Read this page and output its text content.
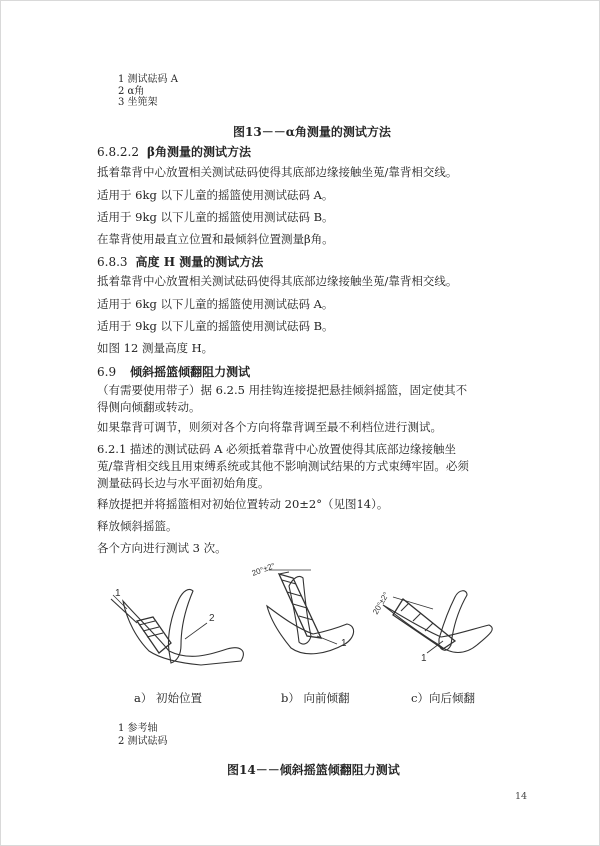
1 测试砝码 A
2 α角
3 坐篼架
图13－－α角测量的测试方法
6.8.2.2 β角测量的测试方法
抵着靠背中心放置相关测试砝码使得其底部边缘接触坐莵/靠背相交线。
适用于 6kg 以下儿童的摇篮使用测试砝码 A。
适用于 9kg 以下儿童的摇篮使用测试砝码 B。
在靠背使用最直立位置和最倾斜位置测量β角。
6.8.3 高度 H 测量的测试方法
抵着靠背中心放置相关测试砝码使得其底部边缘接触坐莵/靠背相交线。
适用于 6kg 以下儿童的摇篮使用测试砝码 A。
适用于 9kg 以下儿童的摇篮使用测试砝码 B。
如图 12 测量高度 H。
6.9 倾斜摇篮倾翻阻力测试
（有需要使用带子）据 6.2.5 用挂钩连接提把悬挂倾斜摇篮，固定使其不得侧向倾翻或转动。
如果靠背可调节，则须对各个方向将靠背调至最不利档位进行测试。
6.2.1 描述的测试砝码 A 必须抵着靠背中心放置使得其底部边缘接触坐莵/靠背相交线且用束缚系统或其他不影响测试结果的方式束缚牢固。必须测量砝码长边与水平面初始角度。
释放提把并将摇篮相对初始位置转动 20±2°（见图14）。
释放倾斜摇篮。
各个方向进行测试 3 次。
1
2
20°±2°
1
20°±2°
1
a） 初始位置	b） 向前倾翻	c）向后倾翻
1 参考轴
2 测试砝码
图14－－倾斜摇篮倾翻阻力测试
14
